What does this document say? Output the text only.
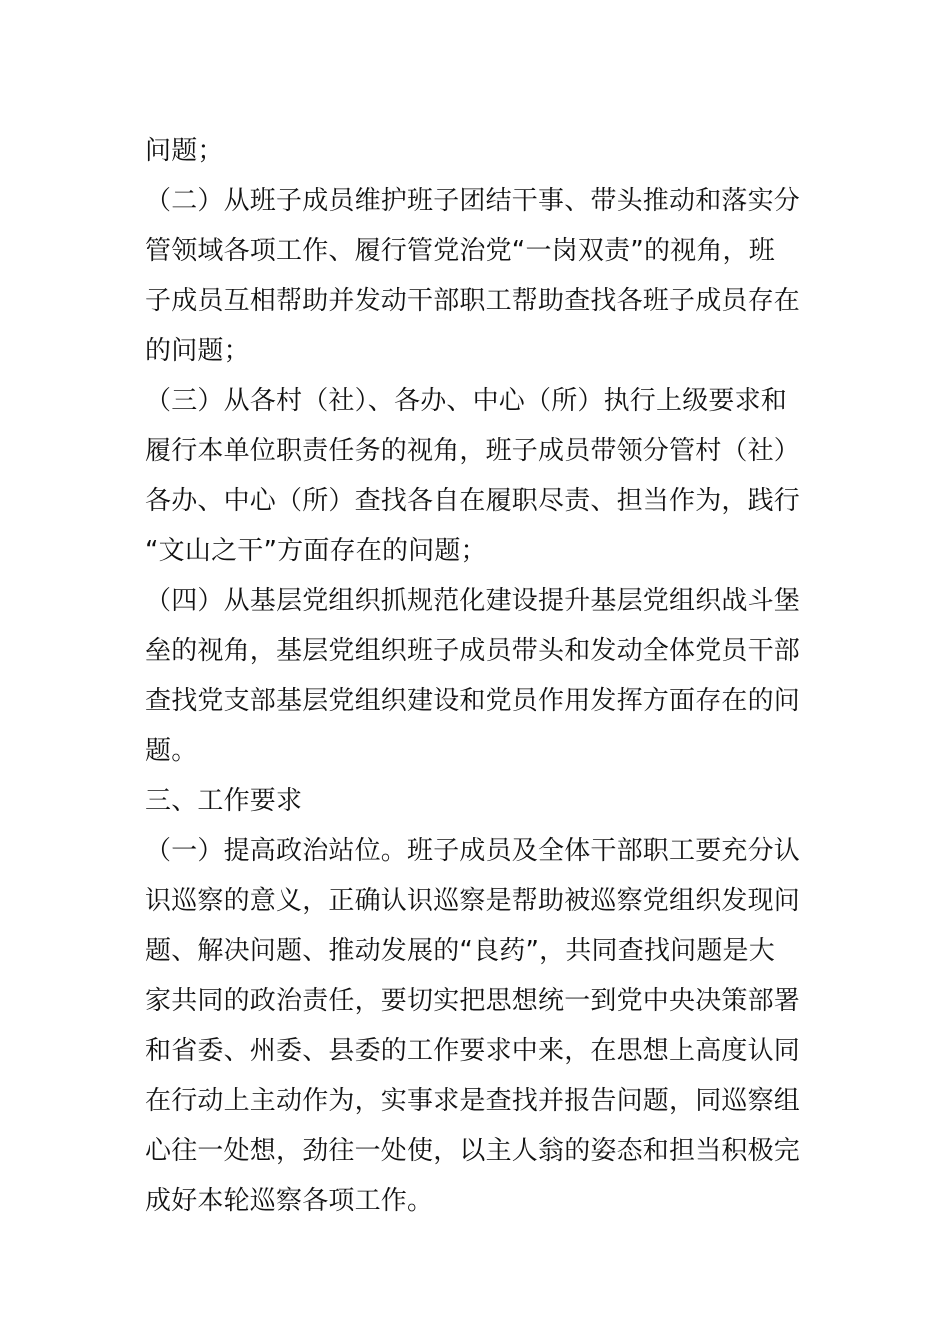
问题；
（二）从班子成员维护班子团结干事、带头推动和落实分
管领域各项工作、履行管党治党“一岗双责”的视角，班
子成员互相帮助并发动干部职工帮助查找各班子成员存在
的问题；
（三）从各村（社）、各办、中心（所）执行上级要求和
履行本单位职责任务的视角，班子成员带领分管村（社）
各办、中心（所）查找各自在履职尽责、担当作为，践行
“文山之干”方面存在的问题；
（四）从基层党组织抓规范化建设提升基层党组织战斗堡
垒的视角，基层党组织班子成员带头和发动全体党员干部
查找党支部基层党组织建设和党员作用发挥方面存在的问
题。
三、工作要求
（一）提高政治站位。班子成员及全体干部职工要充分认
识巡察的意义，正确认识巡察是帮助被巡察党组织发现问
题、解决问题、推动发展的“良药”，共同查找问题是大
家共同的政治责任，要切实把思想统一到党中央决策部署
和省委、州委、县委的工作要求中来，在思想上高度认同
在行动上主动作为，实事求是查找并报告问题，同巡察组
心往一处想，劲往一处使，以主人翁的姿态和担当积极完
成好本轮巡察各项工作。
